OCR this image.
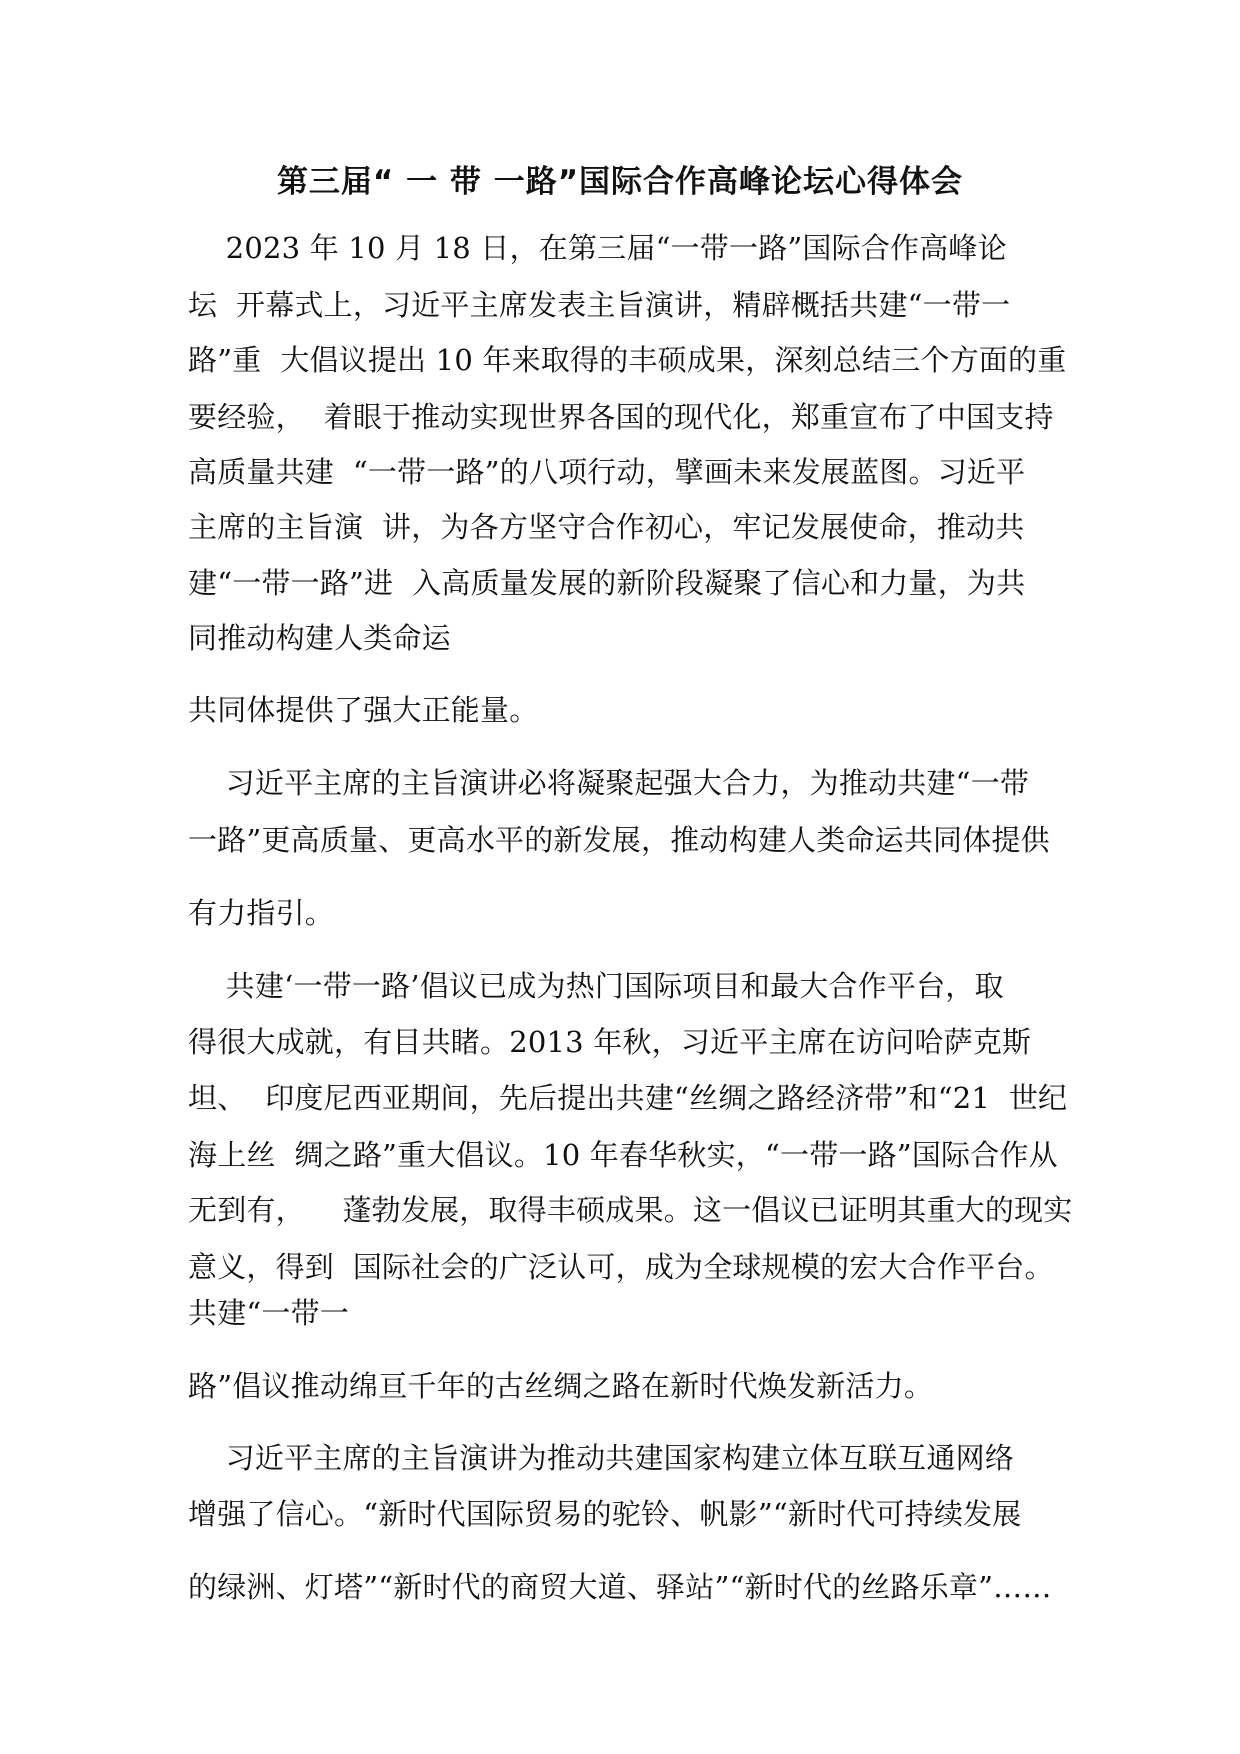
第三届“ 一 带 一路”国际合作高峰论坛心得体会
2023 年 10 月 18 日，在第三届“一带一路”国际合作高峰论
坛  开幕式上，习近平主席发表主旨演讲，精辟概括共建“一带一
路”重  大倡议提出 10 年来取得的丰硕成果，深刻总结三个方面的重
要经验，  着眼于推动实现世界各国的现代化，郑重宣布了中国支持
高质量共建  “一带一路”的八项行动，擘画未来发展蓝图。习近平
主席的主旨演  讲，为各方坚守合作初心，牢记发展使命，推动共
建“一带一路”进  入高质量发展的新阶段凝聚了信心和力量，为共
同推动构建人类命运
共同体提供了强大正能量。
习近平主席的主旨演讲必将凝聚起强大合力，为推动共建“一带
一路”更高质量、更高水平的新发展，推动构建人类命运共同体提供
有力指引。
共建‘一带一路’倡议已成为热门国际项目和最大合作平台，取
得很大成就，有目共睹。2013 年秋，习近平主席在访问哈萨克斯
坦、  印度尼西亚期间，先后提出共建“丝绸之路经济带”和“21  世纪
海上丝  绸之路”重大倡议。10 年春华秋实，“一带一路”国际合作从
无到有，    蓬勃发展，取得丰硕成果。这一倡议已证明其重大的现实
意义，得到  国际社会的广泛认可，成为全球规模的宏大合作平台。
共建“一带一
路”倡议推动绵亘千年的古丝绸之路在新时代焕发新活力。
习近平主席的主旨演讲为推动共建国家构建立体互联互通网络
增强了信心。“新时代国际贸易的驼铃、帆影”“新时代可持续发展
的绿洲、灯塔”“新时代的商贸大道、驿站”“新时代的丝路乐章”……
